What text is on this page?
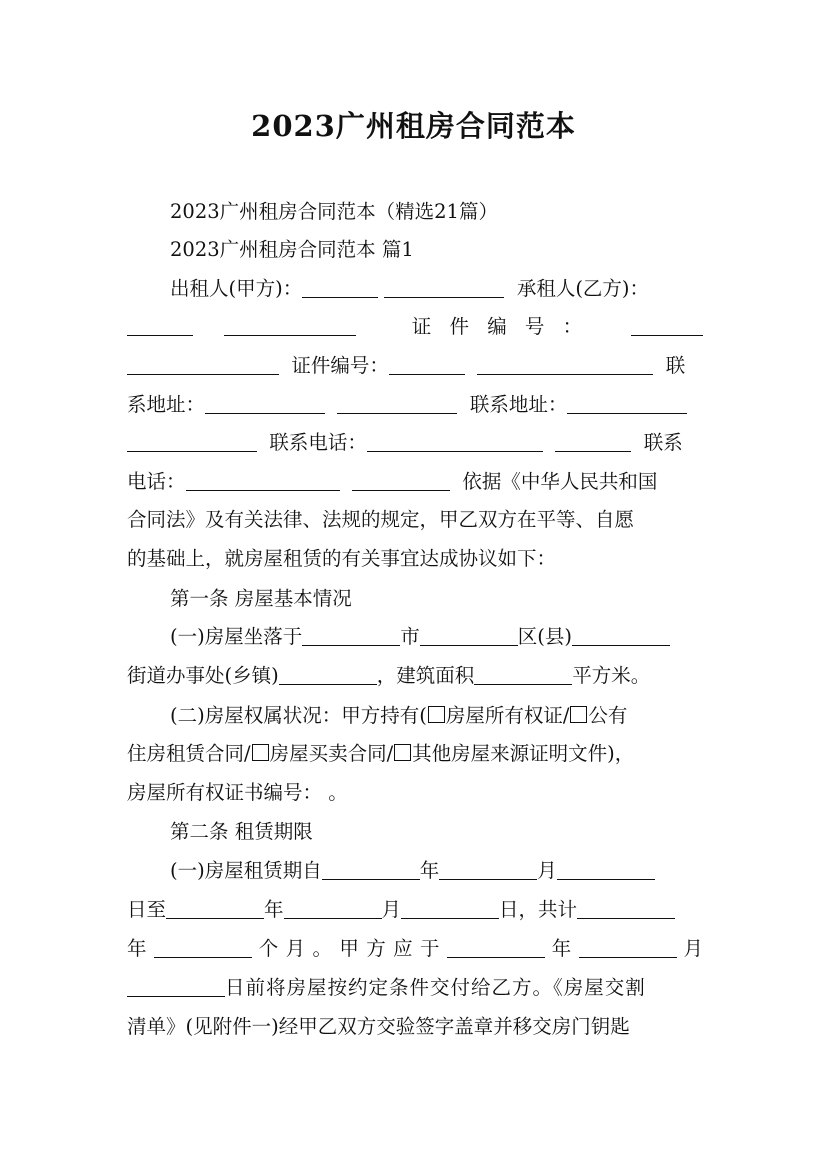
2023广州租房合同范本
2023广州租房合同范本（精选21篇）
2023广州租房合同范本 篇1
出租人(甲方)：	承租人(乙方)：
证 件 编 号 ：
证件编号：	联
系地址：	联系地址：
联系电话：	联系
电话：	依据《中华人民共和国
合同法》及有关法律、法规的规定，甲乙双方在平等、自愿
的基础上，就房屋租赁的有关事宜达成协议如下：
第一条 房屋基本情况
(一)房屋坐落于	市	区(县)
街道办事处(乡镇)	，建筑面积	平方米。
(二)房屋权属状况：甲方持有( 房屋所有权证/ 公有
住房租赁合同/ 房屋买卖合同/ 其他房屋来源证明文件)，
房屋所有权证书编号： 。
第二条 租赁期限
(一)房屋租赁期自	年	月
日至	年	月	日，共计
年	个 月 。 甲 方 应 于	年	月
日前将房屋按约定条件交付给乙方。《房屋交割
清单》(见附件一)经甲乙双方交验签字盖章并移交房门钥匙
